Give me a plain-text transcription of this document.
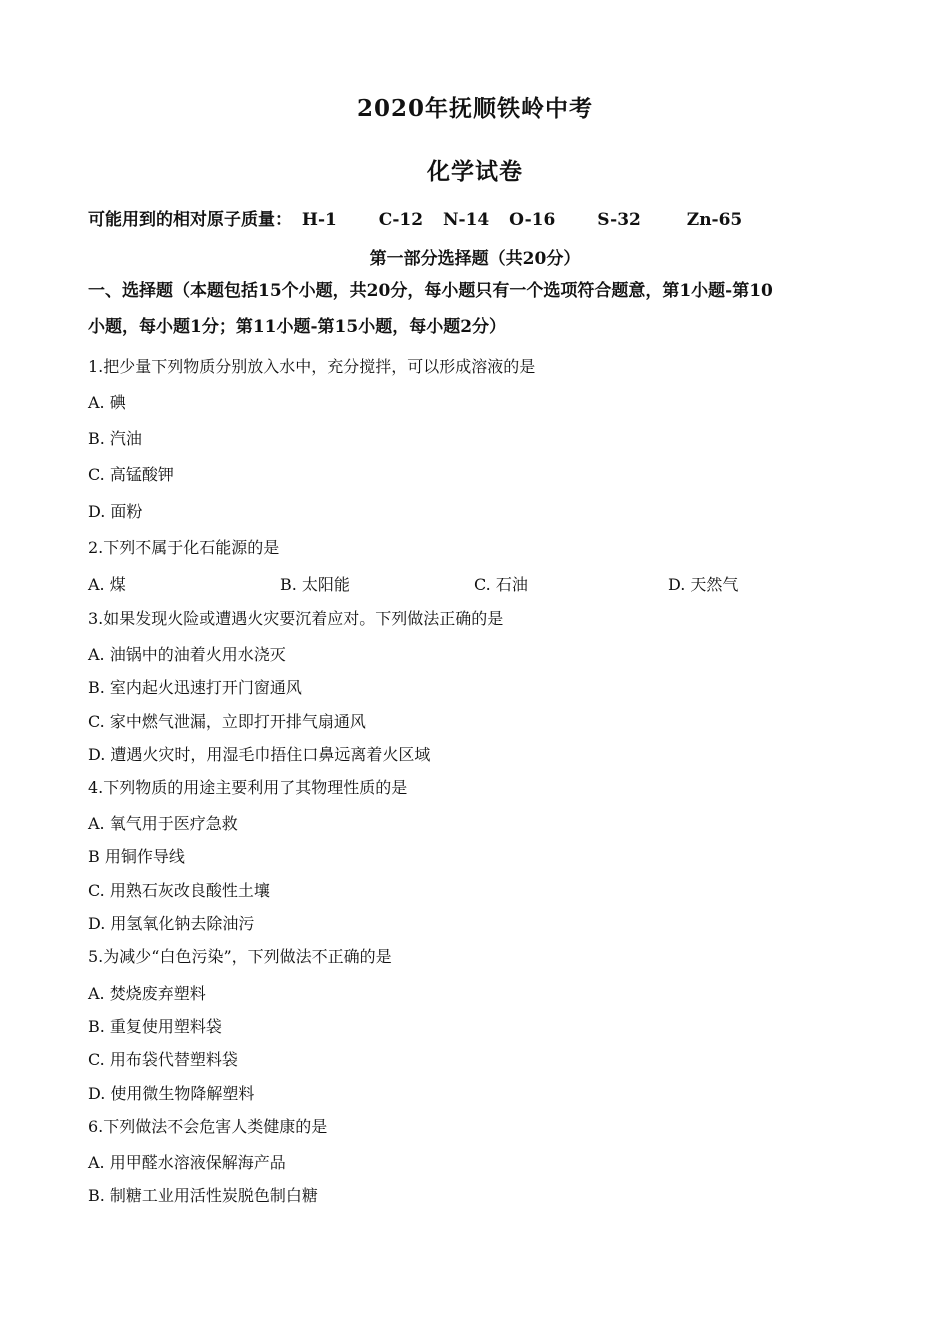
2020年抚顺铁岭中考
化学试卷
可能用到的相对原子质量： H-1 C-12 N-14 O-16 S-32	Zn-65
第一部分选择题（共20分）
一、选择题（本题包括15个小题，共20分，每小题只有一个选项符合题意，第1小题-第10
小题，每小题1分；第11小题-第15小题，每小题2分）
1.把少量下列物质分别放入水中，充分搅拌，可以形成溶液的是
A. 碘
B. 汽油
C. 高锰酸钾
D. 面粉
2.下列不属于化石能源的是
A. 煤	B. 太阳能	C. 石油	D. 天然气
3.如果发现火险或遭遇火灾要沉着应对。下列做法正确的是
A. 油锅中的油着火用水浇灭
B. 室内起火迅速打开门窗通风
C. 家中燃气泄漏，立即打开排气扇通风
D. 遭遇火灾时，用湿毛巾捂住口鼻远离着火区域
4.下列物质的用途主要利用了其物理性质的是
A. 氧气用于医疗急救
B 用铜作导线
C. 用熟石灰改良酸性土壤
D. 用氢氧化钠去除油污
5.为减少“白色污染”，下列做法不正确的是
A. 焚烧废弃塑料
B. 重复使用塑料袋
C. 用布袋代替塑料袋
D. 使用微生物降解塑料
6.下列做法不会危害人类健康的是
A. 用甲醛水溶液保解海产品
B. 制糖工业用活性炭脱色制白糖
